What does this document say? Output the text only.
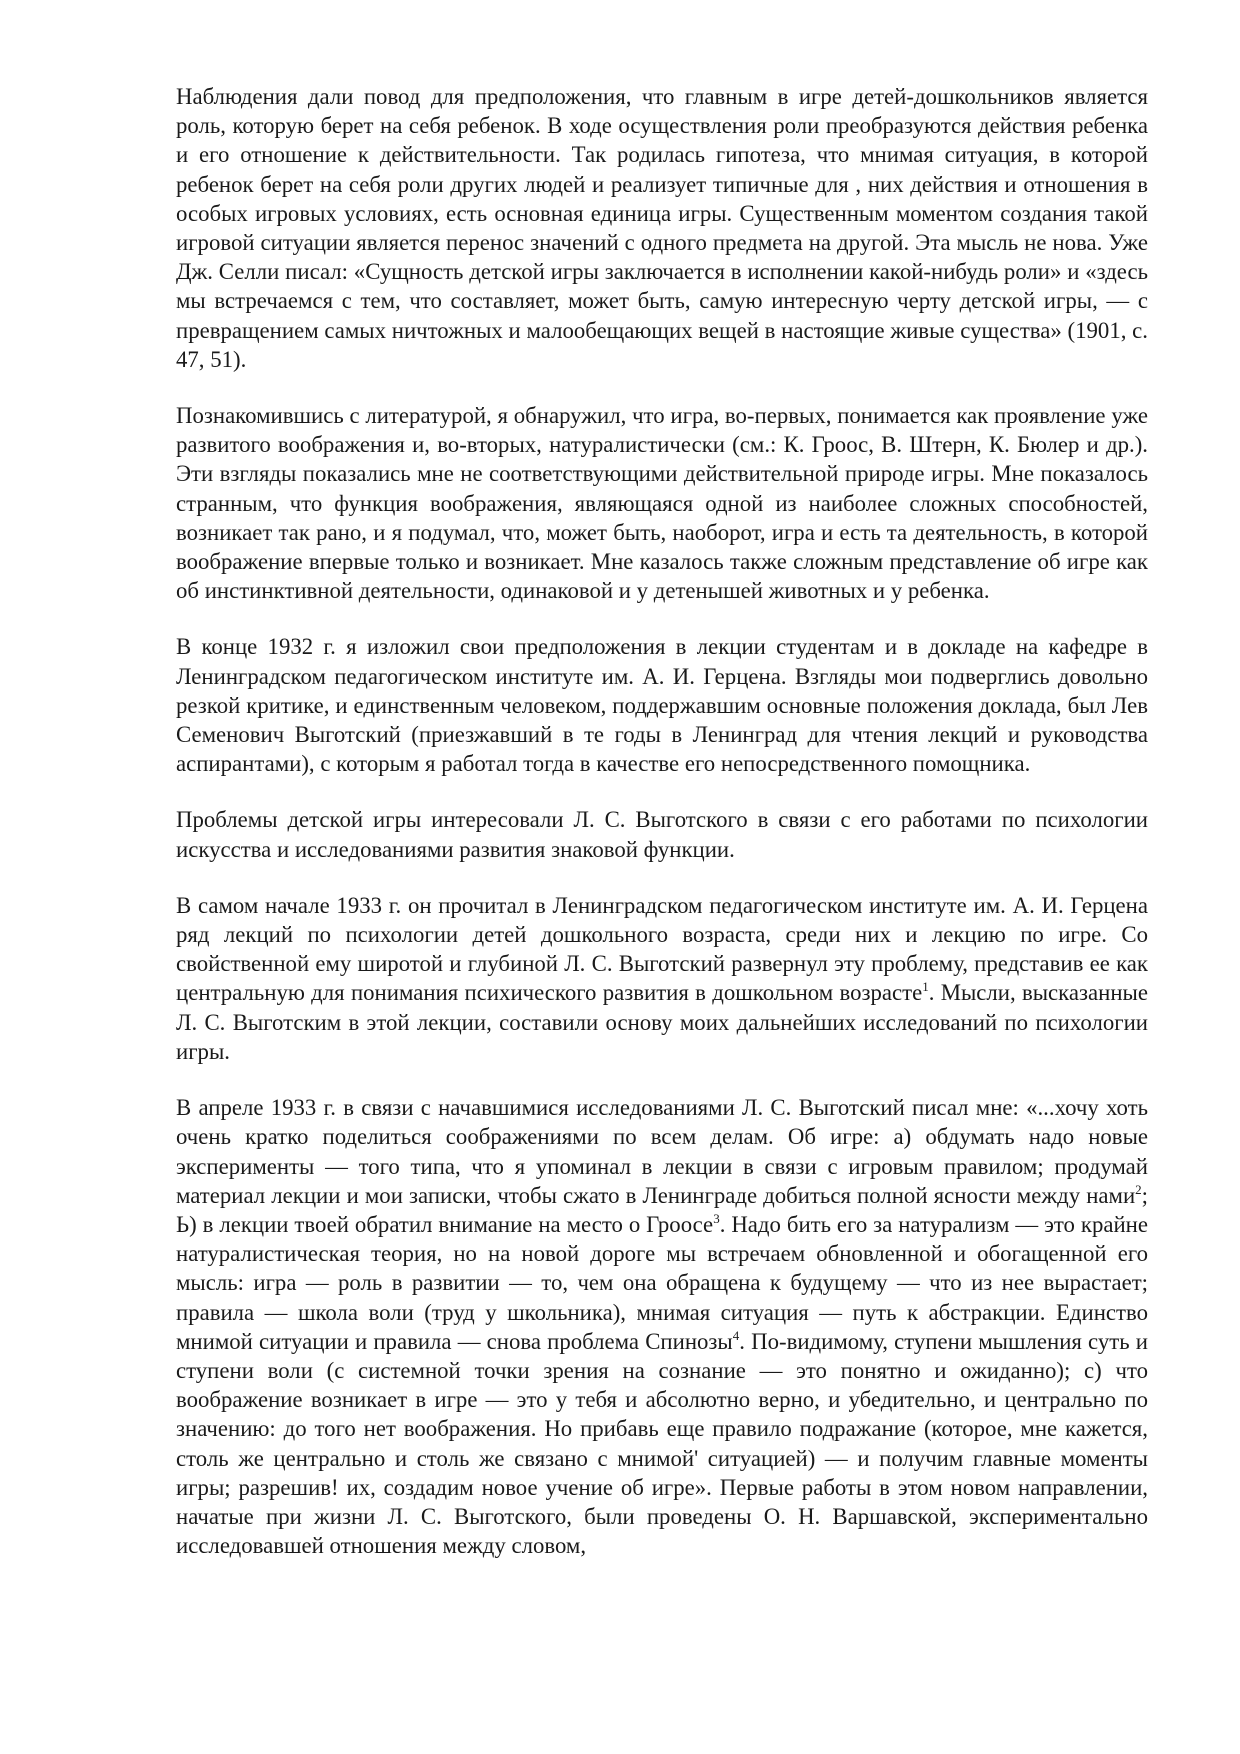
Наблюдения дали повод для предположения, что главным в игре детей-дошкольников является роль, которую берет на себя ребенок. В ходе осуществления роли преобразуются действия ребенка и его отношение к действительности. Так родилась гипотеза, что мнимая ситуация, в которой ребенок берет на себя роли других людей и реализует типичные для , них действия и отношения в особых игровых условиях, есть основная единица игры. Существенным моментом создания такой игровой ситуации является перенос значений с одного предмета на другой. Эта мысль не нова. Уже Дж. Селли писал: «Сущность детской игры заключается в исполнении какой-нибудь роли» и «здесь мы встречаемся с тем, что составляет, может быть, самую интересную черту детской игры, — с превращением самых ничтожных и малообещающих вещей в настоящие живые существа» (1901, с. 47, 51).

Познакомившись с литературой, я обнаружил, что игра, во-первых, понимается как проявление уже развитого воображения и, во-вторых, натуралистически (см.: К. Гроос, В. Штерн, К. Бюлер и др.). Эти взгляды показались мне не соответствующими действительной природе игры. Мне показалось странным, что функция воображения, являющаяся одной из наиболее сложных способностей, возникает так рано, и я подумал, что, может быть, наоборот, игра и есть та деятельность, в которой воображение впервые только и возникает. Мне казалось также сложным представление об игре как об инстинктивной деятельности, одинаковой и у детенышей животных и у ребенка.

В конце 1932 г. я изложил свои предположения в лекции студентам и в докладе на кафедре в Ленинградском педагогическом институте им. А. И. Герцена. Взгляды мои подверглись довольно резкой критике, и единственным человеком, поддержавшим основные положения доклада, был Лев Семенович Выготский (приезжавший в те годы в Ленинград для чтения лекций и руководства аспирантами), с которым я работал тогда в качестве его непосредственного помощника.

Проблемы детской игры интересовали Л. С. Выготского в связи с его работами по психологии искусства и исследованиями развития знаковой функции.

В самом начале 1933 г. он прочитал в Ленинградском педагогическом институте им. А. И. Герцена ряд лекций по психологии детей дошкольного возраста, среди них и лекцию по игре. Со свойственной ему широтой и глубиной Л. С. Выготский развернул эту проблему, представив ее как центральную для понимания психического развития в дошкольном возрасте$^1$. Мысли, высказанные Л. С. Выготским в этой лекции, составили основу моих дальнейших исследований по психологии игры.

В апреле 1933 г. в связи с начавшимися исследованиями Л. С. Выготский писал мне: «...хочу хоть очень кратко поделиться соображениями по всем делам. Об игре: а) обдумать надо новые эксперименты — того типа, что я упоминал в лекции в связи с игровым правилом; продумай материал лекции и мои записки, чтобы сжато в Ленинграде добиться полной ясности между нами$^2$; Ь) в лекции твоей обратил внимание на место о Гроосе$^3$. Надо бить его за натурализм — это крайне натуралистическая теория, но на новой дороге мы встречаем обновленной и обогащенной его мысль: игра — роль в развитии — то, чем она обращена к будущему — что из нее вырастает; правила — школа воли (труд у школьника), мнимая ситуация — путь к абстракции. Единство мнимой ситуации и правила — снова проблема Спинозы$^4$. По-видимому, ступени мышления суть и ступени воли (с системной точки зрения на сознание — это понятно и ожиданно); с) что воображение возникает в игре — это у тебя и абсолютно верно, и убедительно, и центрально по значению: до того нет воображения. Но прибавь еще правило подражание (которое, мне кажется, столь же центрально и столь же связано с мнимой' ситуацией) — и получим главные моменты игры; разрешив! их, создадим новое учение об игре». Первые работы в этом новом направлении, начатые при жизни Л. С. Выготского, были проведены О. Н. Варшавской, экспериментально исследовавшей отношения между словом,
